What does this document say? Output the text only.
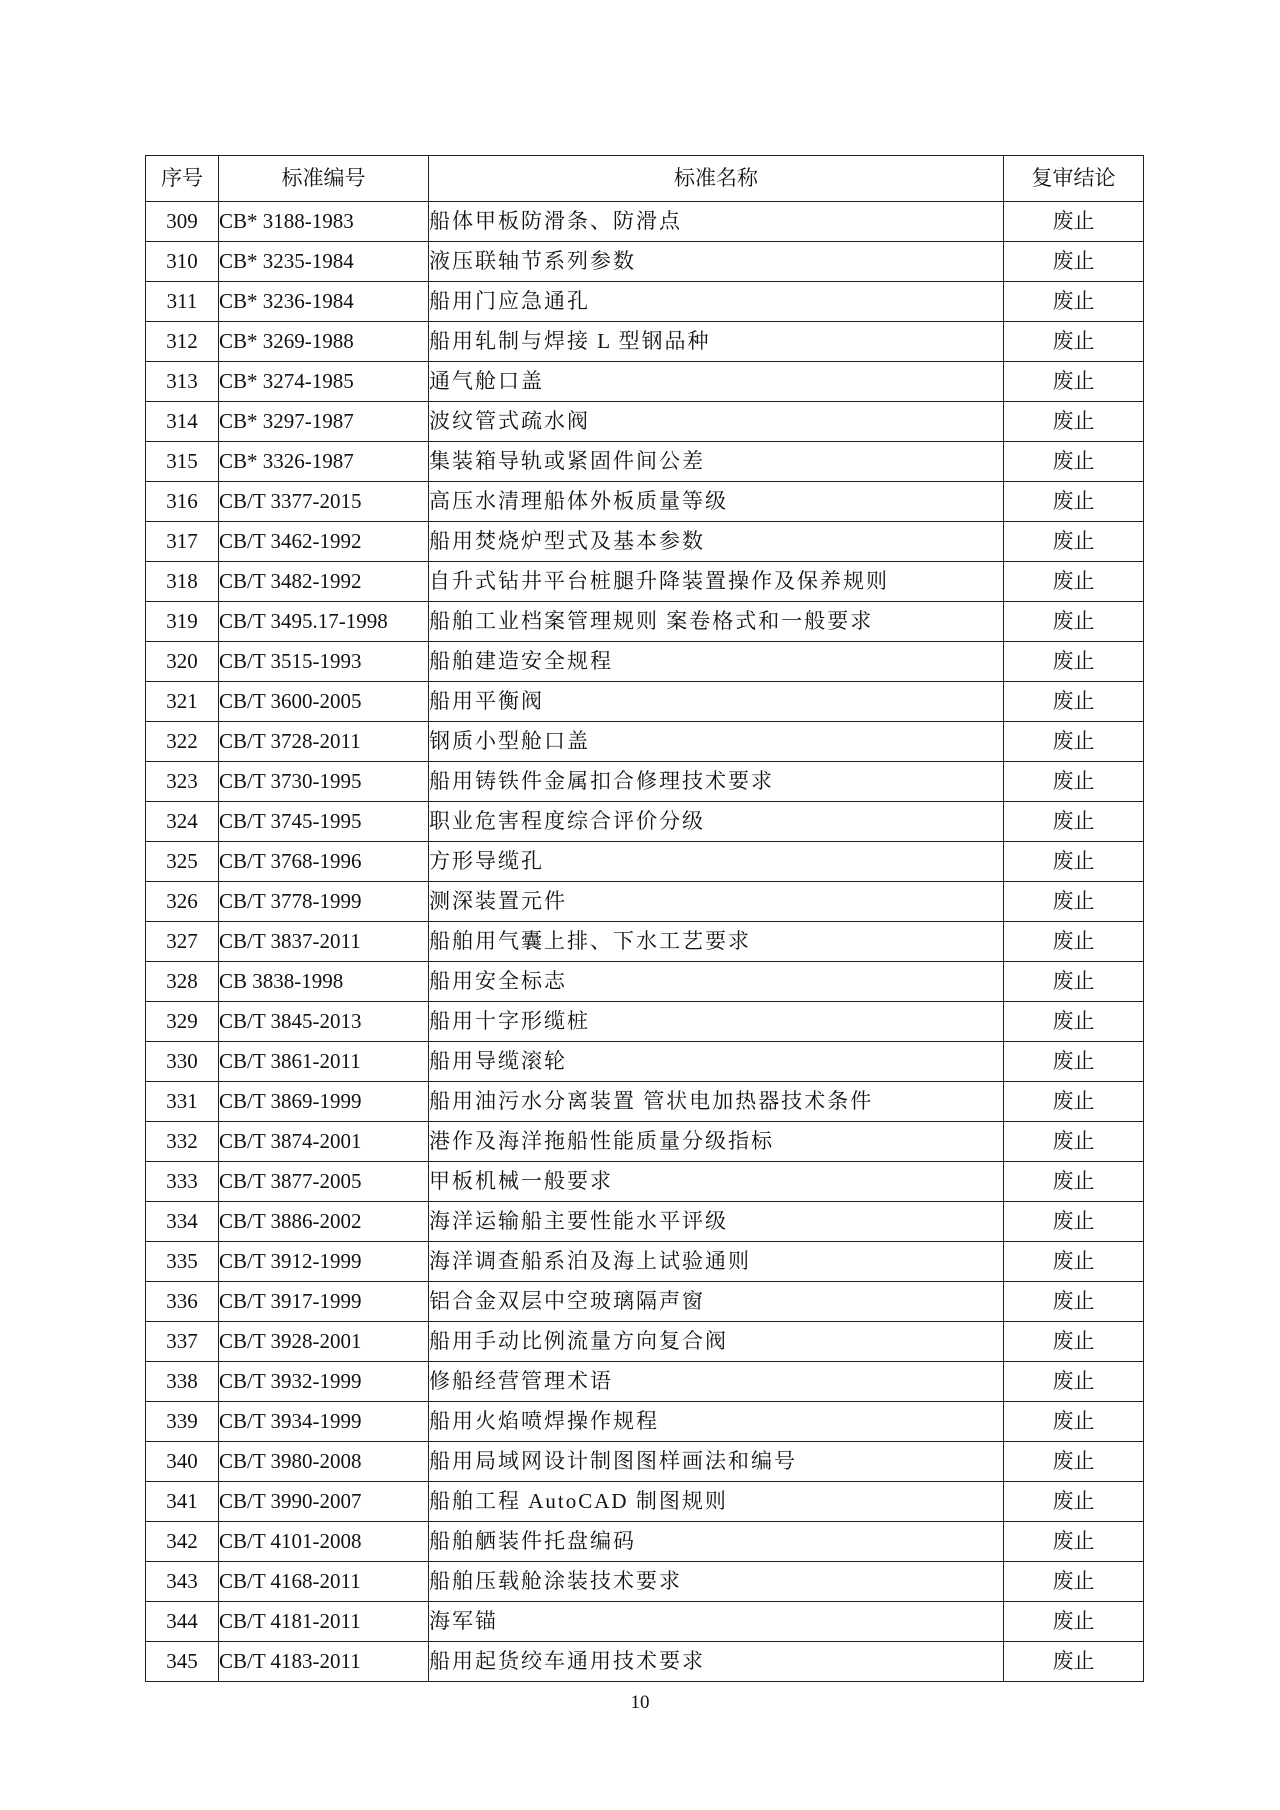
序号	标准编号	标准名称	复审结论
309	CB* 3188-1983	船体甲板防滑条、防滑点	废止
310	CB* 3235-1984	液压联轴节系列参数	废止
311	CB* 3236-1984	船用门应急通孔	废止
312	CB* 3269-1988	船用轧制与焊接 L 型钢品种	废止
313	CB* 3274-1985	通气舱口盖	废止
314	CB* 3297-1987	波纹管式疏水阀	废止
315	CB* 3326-1987	集装箱导轨或紧固件间公差	废止
316	CB/T 3377-2015	高压水清理船体外板质量等级	废止
317	CB/T 3462-1992	船用焚烧炉型式及基本参数	废止
318	CB/T 3482-1992	自升式钻井平台桩腿升降装置操作及保养规则	废止
319	CB/T 3495.17-1998	船舶工业档案管理规则 案卷格式和一般要求	废止
320	CB/T 3515-1993	船舶建造安全规程	废止
321	CB/T 3600-2005	船用平衡阀	废止
322	CB/T 3728-2011	钢质小型舱口盖	废止
323	CB/T 3730-1995	船用铸铁件金属扣合修理技术要求	废止
324	CB/T 3745-1995	职业危害程度综合评价分级	废止
325	CB/T 3768-1996	方形导缆孔	废止
326	CB/T 3778-1999	测深装置元件	废止
327	CB/T 3837-2011	船舶用气囊上排、下水工艺要求	废止
328	CB 3838-1998	船用安全标志	废止
329	CB/T 3845-2013	船用十字形缆桩	废止
330	CB/T 3861-2011	船用导缆滚轮	废止
331	CB/T 3869-1999	船用油污水分离装置 管状电加热器技术条件	废止
332	CB/T 3874-2001	港作及海洋拖船性能质量分级指标	废止
333	CB/T 3877-2005	甲板机械一般要求	废止
334	CB/T 3886-2002	海洋运输船主要性能水平评级	废止
335	CB/T 3912-1999	海洋调查船系泊及海上试验通则	废止
336	CB/T 3917-1999	铝合金双层中空玻璃隔声窗	废止
337	CB/T 3928-2001	船用手动比例流量方向复合阀	废止
338	CB/T 3932-1999	修船经营管理术语	废止
339	CB/T 3934-1999	船用火焰喷焊操作规程	废止
340	CB/T 3980-2008	船用局域网设计制图图样画法和编号	废止
341	CB/T 3990-2007	船舶工程 AutoCAD 制图规则	废止
342	CB/T 4101-2008	船舶舾装件托盘编码	废止
343	CB/T 4168-2011	船舶压载舱涂装技术要求	废止
344	CB/T 4181-2011	海军锚	废止
345	CB/T 4183-2011	船用起货绞车通用技术要求	废止
10
